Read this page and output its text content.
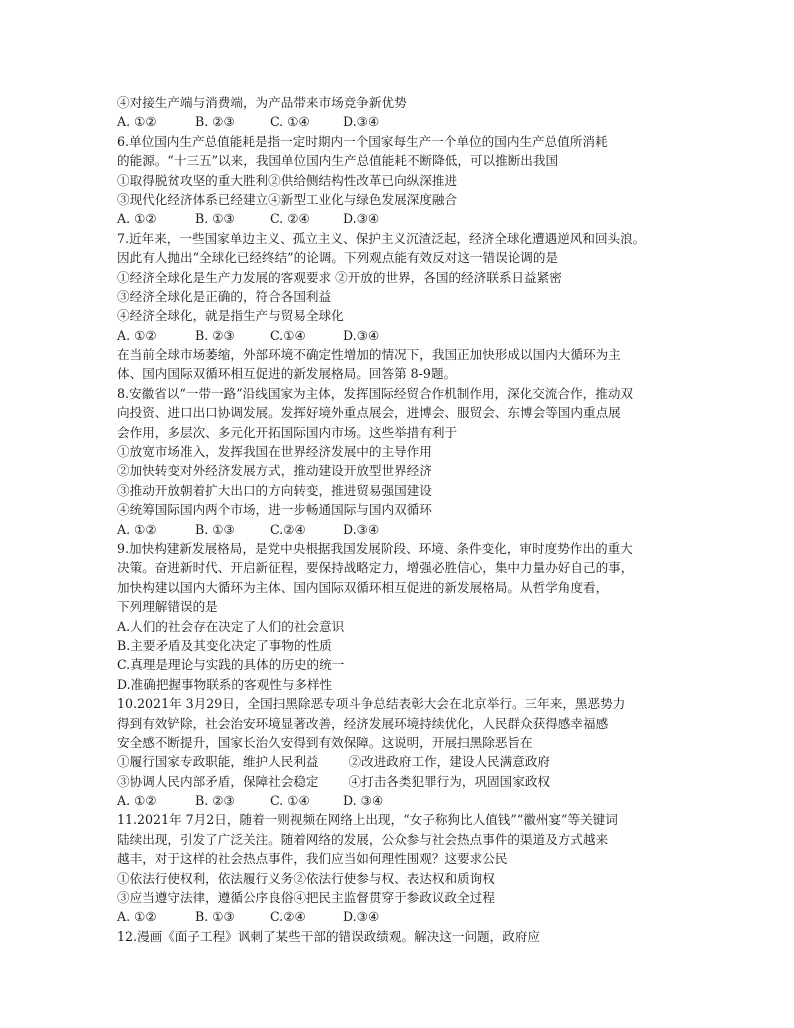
④对接生产端与消费端，为产品带来市场竞争新优势
A. ①②	B. ②③	C. ①④	D.③④
6.单位国内生产总值能耗是指一定时期内一个国家每生产一个单位的国内生产总值所消耗
的能源。“十三五”以来，我国单位国内生产总值能耗不断降低，可以推断出我国
①取得脱贫攻坚的重大胜利②供给侧结构性改革已向纵深推进
③现代化经济体系已经建立④新型工业化与绿色发展深度融合
A. ①②	B. ①③	C. ②④	D.③④
7.近年来，一些国家单边主义、孤立主义、保护主义沉渣泛起，经济全球化遭遇逆风和回头浪。
因此有人抛出“全球化已经终结”的论调。下列观点能有效反对这一错误论调的是
①经济全球化是生产力发展的客观要求 ②开放的世界，各国的经济联系日益紧密
③经济全球化是正确的，符合各国利益
④经济全球化，就是指生产与贸易全球化
A. ①②	B. ②③	C.①④	D.③④
在当前全球市场萎缩，外部环境不确定性增加的情况下，我国正加快形成以国内大循环为主
体、国内国际双循环相互促进的新发展格局。回答第 8-9题。
8.安徽省以“一带一路”沿线国家为主体，发挥国际经贸合作机制作用，深化交流合作，推动双
向投资、进口出口协调发展。发挥好境外重点展会，进博会、服贸会、东博会等国内重点展
会作用，多层次、多元化开拓国际国内市场。这些举措有利于
①放宽市场准入，发挥我国在世界经济发展中的主导作用
②加快转变对外经济发展方式，推动建设开放型世界经济
③推动开放朝着扩大出口的方向转变，推进贸易强国建设
④统筹国际国内两个市场，进一步畅通国际与国内双循环
A. ①②	B. ①③	C.②④	D.③④
9.加快构建新发展格局，是党中央根据我国发展阶段、环境、条件变化，审时度势作出的重大
决策。奋进新时代、开启新征程，要保持战略定力，增强必胜信心，集中力量办好自己的事，
加快构建以国内大循环为主体、国内国际双循环相互促进的新发展格局。从哲学角度看，
下列理解错误的是
A.人们的社会存在决定了人们的社会意识
B.主要矛盾及其变化决定了事物的性质
C.真理是理论与实践的具体的历史的统一
D.准确把握事物联系的客观性与多样性
10.2021年 3月29日，全国扫黑除恶专项斗争总结表彰大会在北京举行。三年来，黑恶势力
得到有效铲除，社会治安环境显著改善，经济发展环境持续优化，人民群众获得感幸福感
安全感不断提升，国家长治久安得到有效保障。这说明，开展扫黑除恶旨在
①履行国家专政职能，维护人民利益 ②改进政府工作，建设人民满意政府
③协调人民内部矛盾，保障社会稳定 ④打击各类犯罪行为，巩固国家政权
A. ①②	B. ②③	C. ①④	D. ③④
11.2021年 7月2日，随着一则视频在网络上出现，“女子称狗比人值钱”“徽州宴”等关键词
陆续出现，引发了广泛关注。随着网络的发展，公众参与社会热点事件的渠道及方式越来
越丰，对于这样的社会热点事件，我们应当如何理性围观？这要求公民
①依法行使权利，依法履行义务②依法行使参与权、表达权和质询权
③应当遵守法律，遵循公序良俗④把民主监督贯穿于参政议政全过程
A. ①②	B. ①③	C.②④	D.③④
12.漫画《面子工程》讽刺了某些干部的错误政绩观。解决这一问题，政府应
